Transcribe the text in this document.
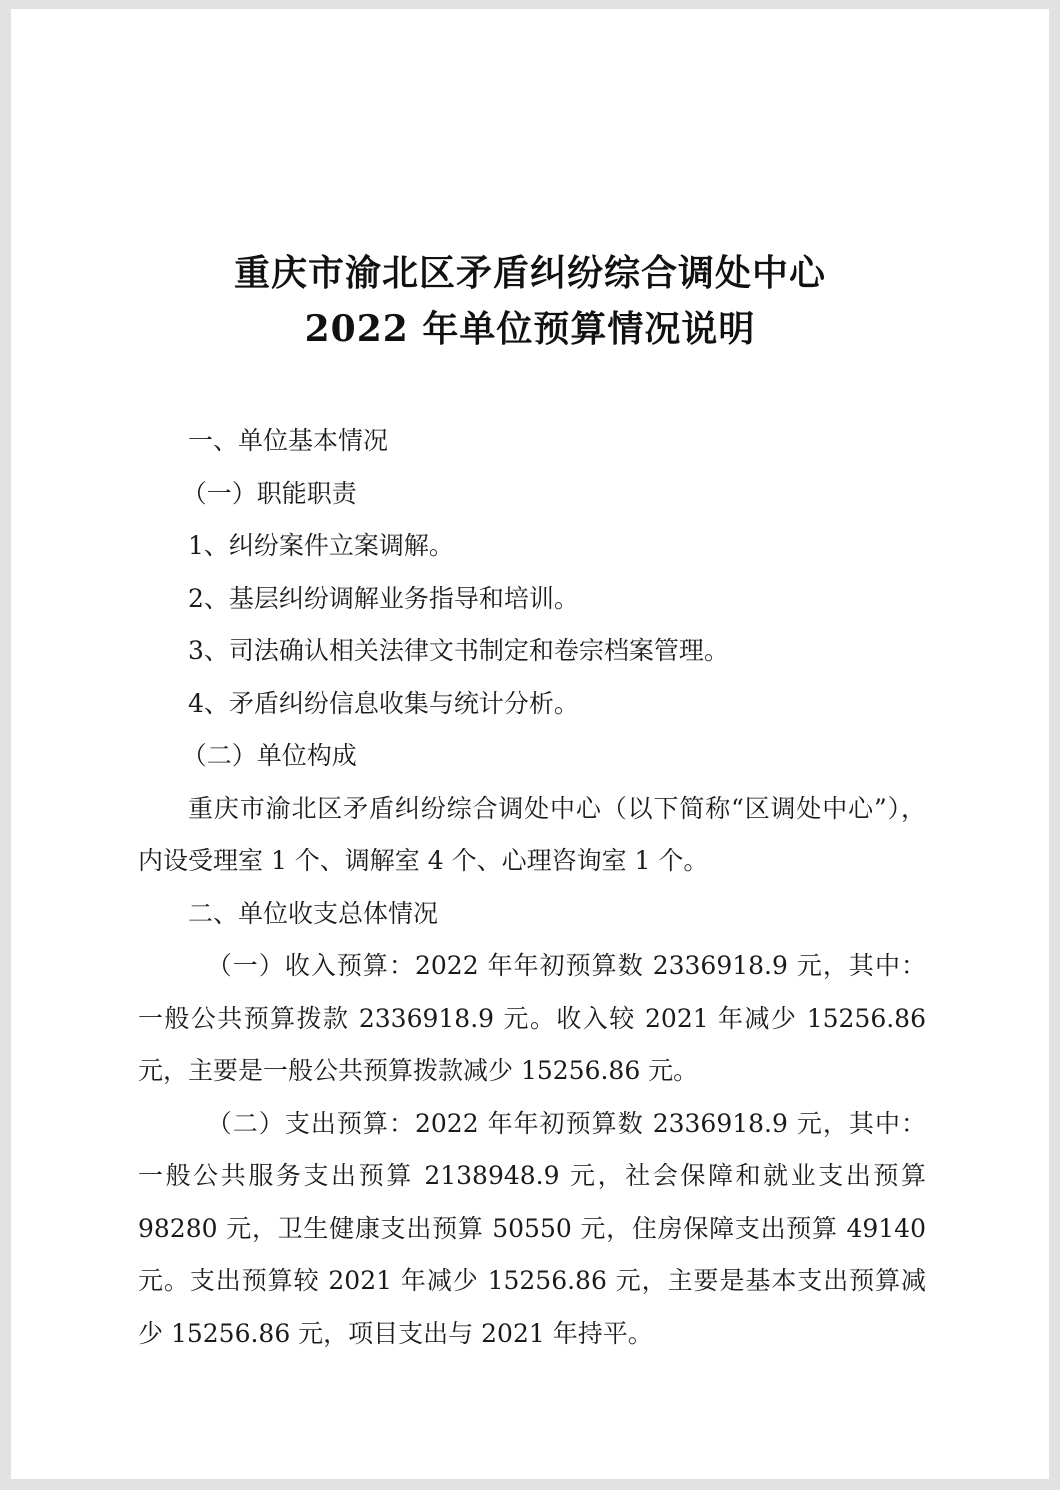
重庆市渝北区矛盾纠纷综合调处中心
2022 年单位预算情况说明

一、单位基本情况

（一）职能职责

1、纠纷案件立案调解。

2、基层纠纷调解业务指导和培训。

3、司法确认相关法律文书制定和卷宗档案管理。

4、矛盾纠纷信息收集与统计分析。

（二）单位构成

重庆市渝北区矛盾纠纷综合调处中心（以下简称“区调处中心”），内设受理室 1 个、调解室 4 个、心理咨询室 1 个。

二、单位收支总体情况

（一）收入预算：2022 年年初预算数 2336918.9 元，其中：一般公共预算拨款 2336918.9 元。收入较 2021 年减少 15256.86 元，主要是一般公共预算拨款减少 15256.86 元。

（二）支出预算：2022 年年初预算数 2336918.9 元，其中：一般公共服务支出预算 2138948.9 元，社会保障和就业支出预算 98280 元，卫生健康支出预算 50550 元，住房保障支出预算 49140 元。支出预算较 2021 年减少 15256.86 元，主要是基本支出预算减少 15256.86 元，项目支出与 2021 年持平。
